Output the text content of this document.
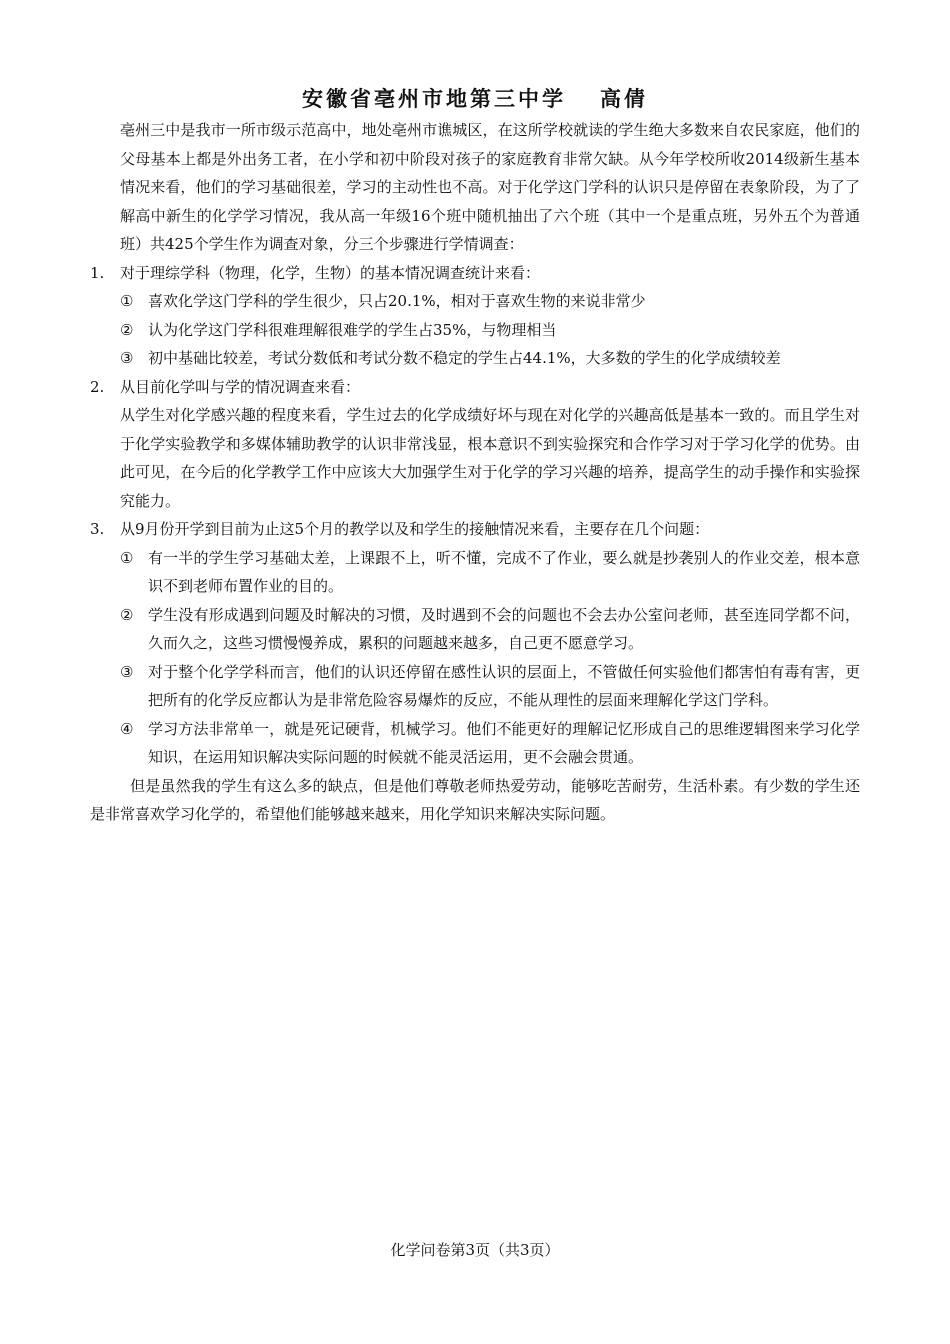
安徽省亳州市地第三中学 高倩

亳州三中是我市一所市级示范高中，地处亳州市谯城区，在这所学校就读的学生绝大多数来自农民家庭，他们的父母基本上都是外出务工者，在小学和初中阶段对孩子的家庭教育非常欠缺。从今年学校所收2014级新生基本情况来看，他们的学习基础很差，学习的主动性也不高。对于化学这门学科的认识只是停留在表象阶段，为了了解高中新生的化学学习情况，我从高一年级16个班中随机抽出了六个班（其中一个是重点班，另外五个为普通班）共425个学生作为调查对象，分三个步骤进行学情调查：

1. 对于理综学科（物理，化学，生物）的基本情况调查统计来看：

① 喜欢化学这门学科的学生很少，只占20.1%，相对于喜欢生物的来说非常少

② 认为化学这门学科很难理解很难学的学生占35%，与物理相当

③ 初中基础比较差，考试分数低和考试分数不稳定的学生占44.1%，大多数的学生的化学成绩较差

2. 从目前化学叫与学的情况调查来看：

从学生对化学感兴趣的程度来看，学生过去的化学成绩好坏与现在对化学的兴趣高低是基本一致的。而且学生对于化学实验教学和多媒体辅助教学的认识非常浅显，根本意识不到实验探究和合作学习对于学习化学的优势。由此可见，在今后的化学教学工作中应该大大加强学生对于化学的学习兴趣的培养，提高学生的动手操作和实验探究能力。

3. 从9月份开学到目前为止这5个月的教学以及和学生的接触情况来看，主要存在几个问题：

① 有一半的学生学习基础太差，上课跟不上，听不懂，完成不了作业，要么就是抄袭别人的作业交差，根本意识不到老师布置作业的目的。

② 学生没有形成遇到问题及时解决的习惯，及时遇到不会的问题也不会去办公室问老师，甚至连同学都不问，久而久之，这些习惯慢慢养成，累积的问题越来越多，自己更不愿意学习。

③ 对于整个化学学科而言，他们的认识还停留在感性认识的层面上，不管做任何实验他们都害怕有毒有害，更把所有的化学反应都认为是非常危险容易爆炸的反应，不能从理性的层面来理解化学这门学科。

④ 学习方法非常单一，就是死记硬背，机械学习。他们不能更好的理解记忆形成自己的思维逻辑图来学习化学知识，在运用知识解决实际问题的时候就不能灵活运用，更不会融会贯通。

但是虽然我的学生有这么多的缺点，但是他们尊敬老师热爱劳动，能够吃苦耐劳，生活朴素。有少数的学生还是非常喜欢学习化学的，希望他们能够越来越来，用化学知识来解决实际问题。

化学问卷第3页（共3页）
